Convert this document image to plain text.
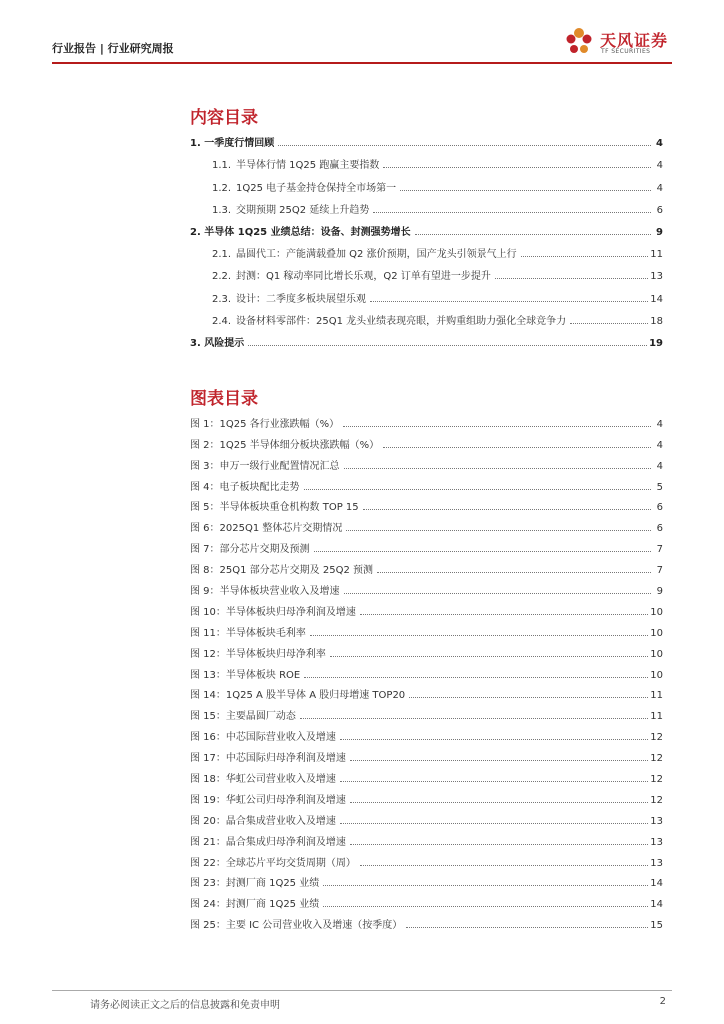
行业报告 | 行业研究周报	天风证券
TF SECURITIES
内容目录
1. 一季度行情回顾	4
1.1. 半导体行情 1Q25 跑赢主要指数	4
1.2. 1Q25 电子基金持仓保持全市场第一	4
1.3. 交期预期 25Q2 延续上升趋势	6
2. 半导体 1Q25 业绩总结：设备、封测强势增长	9
2.1. 晶圆代工：产能满载叠加 Q2 涨价预期，国产龙头引领景气上行	11
2.2. 封测：Q1 稼动率同比增长乐观，Q2 订单有望进一步提升	13
2.3. 设计：二季度多板块展望乐观	14
2.4. 设备材料零部件：25Q1 龙头业绩表现亮眼，并购重组助力强化全球竞争力	18
3. 风险提示	19
图表目录
图 1：1Q25 各行业涨跌幅（%）	4
图 2：1Q25 半导体细分板块涨跌幅（%）	4
图 3：申万一级行业配置情况汇总	4
图 4：电子板块配比走势	5
图 5：半导体板块重仓机构数 TOP 15	6
图 6：2025Q1 整体芯片交期情况	6
图 7：部分芯片交期及预测	7
图 8：25Q1 部分芯片交期及 25Q2 预测	7
图 9：半导体板块营业收入及增速	9
图 10：半导体板块归母净利润及增速	10
图 11：半导体板块毛利率	10
图 12：半导体板块归母净利率	10
图 13：半导体板块 ROE	10
图 14：1Q25 A 股半导体 A 股归母增速 TOP20	11
图 15：主要晶圆厂动态	11
图 16：中芯国际营业收入及增速	12
图 17：中芯国际归母净利润及增速	12
图 18：华虹公司营业收入及增速	12
图 19：华虹公司归母净利润及增速	12
图 20：晶合集成营业收入及增速	13
图 21：晶合集成归母净利润及增速	13
图 22：全球芯片平均交货周期（周）	13
图 23：封测厂商 1Q25 业绩	14
图 24：封测厂商 1Q25 业绩	14
图 25：主要 IC 公司营业收入及增速（按季度）	15
请务必阅读正文之后的信息披露和免责申明	2
